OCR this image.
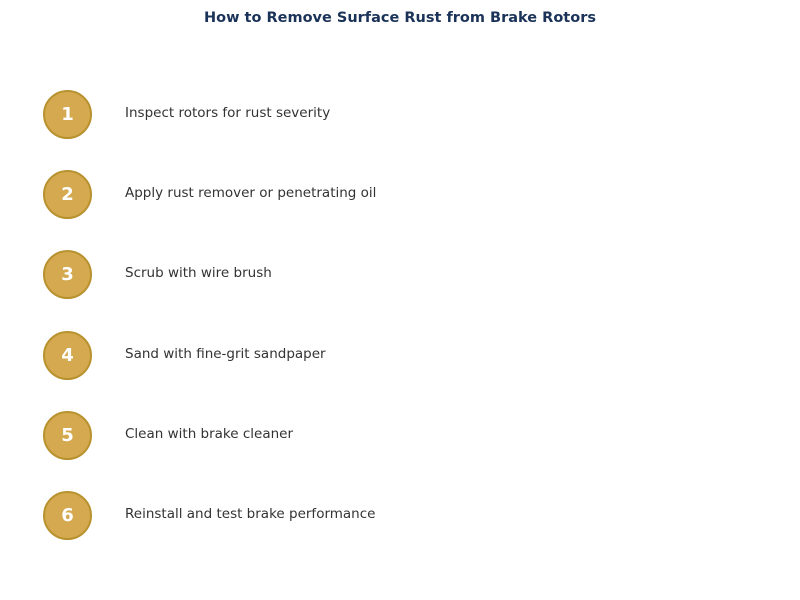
How to Remove Surface Rust from Brake Rotors
1	Inspect rotors for rust severity
2	Apply rust remover or penetrating oil
3	Scrub with wire brush
4	Sand with fine-grit sandpaper
5	Clean with brake cleaner
6	Reinstall and test brake performance
